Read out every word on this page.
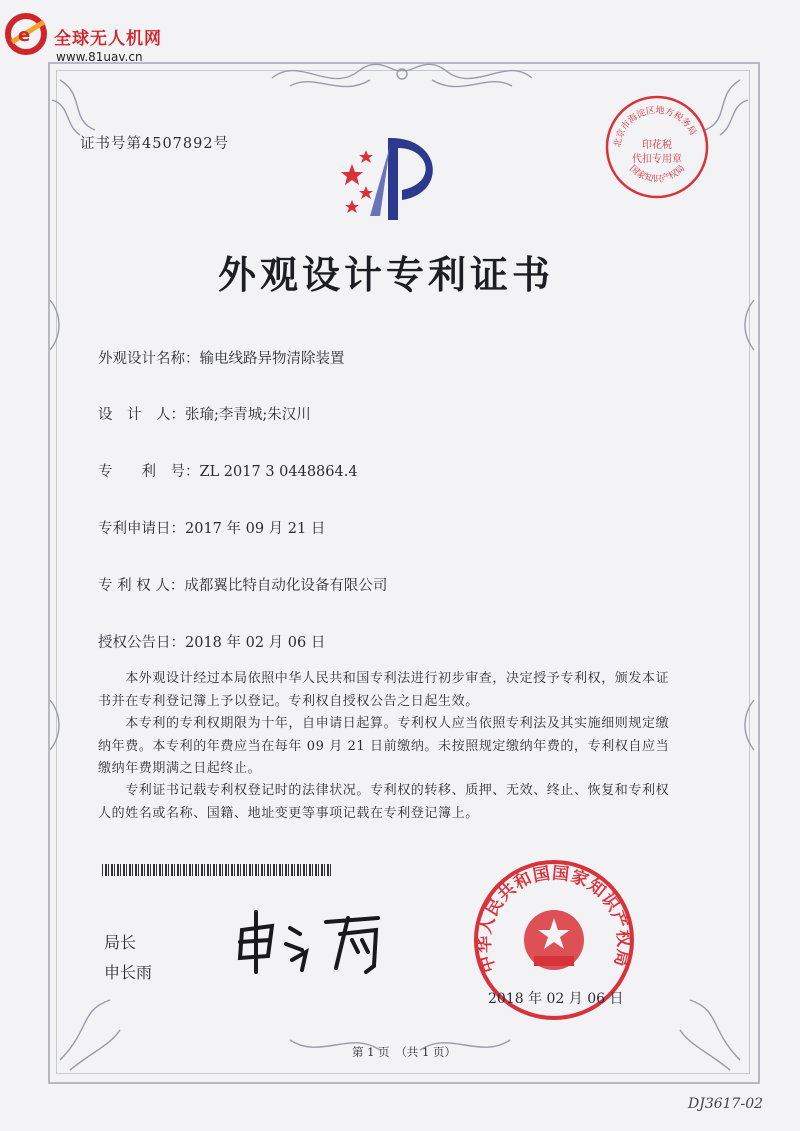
e 全球无人机网
www.81uav.cn
证书号第4507892号	北京市海淀区地方税务局
印花税
代扣专用章
国家知识产权局
外观设计专利证书
外观设计名称：输电线路异物清除装置
设　计　人：张瑜;李青城;朱汉川
专　　利　号：ZL 2017 3 0448864.4
专利申请日：2017 年 09 月 21 日
专 利 权 人：成都翼比特自动化设备有限公司
授权公告日：2018 年 02 月 06 日
　　本外观设计经过本局依照中华人民共和国专利法进行初步审查，决定授予专利权，颁发本证书并在专利登记簿上予以登记。专利权自授权公告之日起生效。
　　本专利的专利权期限为十年，自申请日起算。专利权人应当依照专利法及其实施细则规定缴纳年费。本专利的年费应当在每年 09 月 21 日前缴纳。未按照规定缴纳年费的，专利权自应当缴纳年费期满之日起终止。
　　专利证书记载专利权登记时的法律状况。专利权的转移、质押、无效、终止、恢复和专利权人的姓名或名称、国籍、地址变更等事项记载在专利登记簿上。
局长
申长雨	中华人民共和国国家知识产权局
2018 年 02 月 06 日
第 1 页　（共 1 页）
DJ3617-02
